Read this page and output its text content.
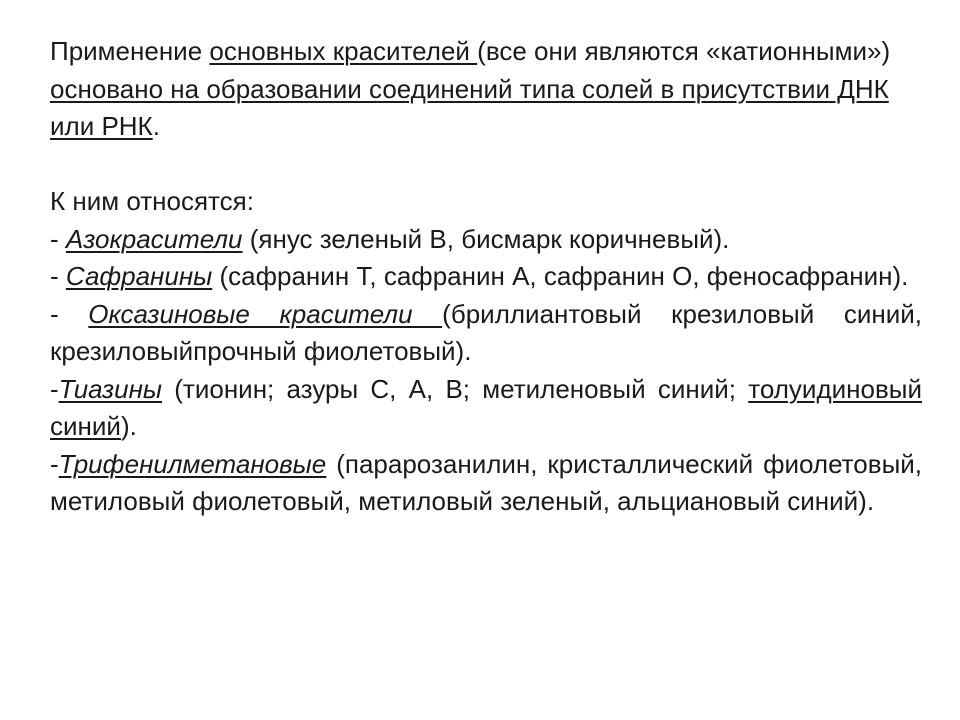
Применение основных красителей (все они являются «катионными») основано на образовании соединений типа солей в присутствии ДНК или РНК.

К ним относятся:

- Азокрасители (янус зеленый В, бисмарк коричневый).

- Сафранины (сафранин Т, сафранин А, сафранин О, феносафранин).

- Оксазиновые красители (бриллиантовый крезиловый синий, крезиловыйпрочный фиолетовый).

-Тиазины (тионин; азуры С, А, В; метиленовый синий; толуидиновый синий).

-Трифенилметановые (парарозанилин, кристаллический фиолетовый, метиловый фиолетовый, метиловый зеленый, альциановый синий).
